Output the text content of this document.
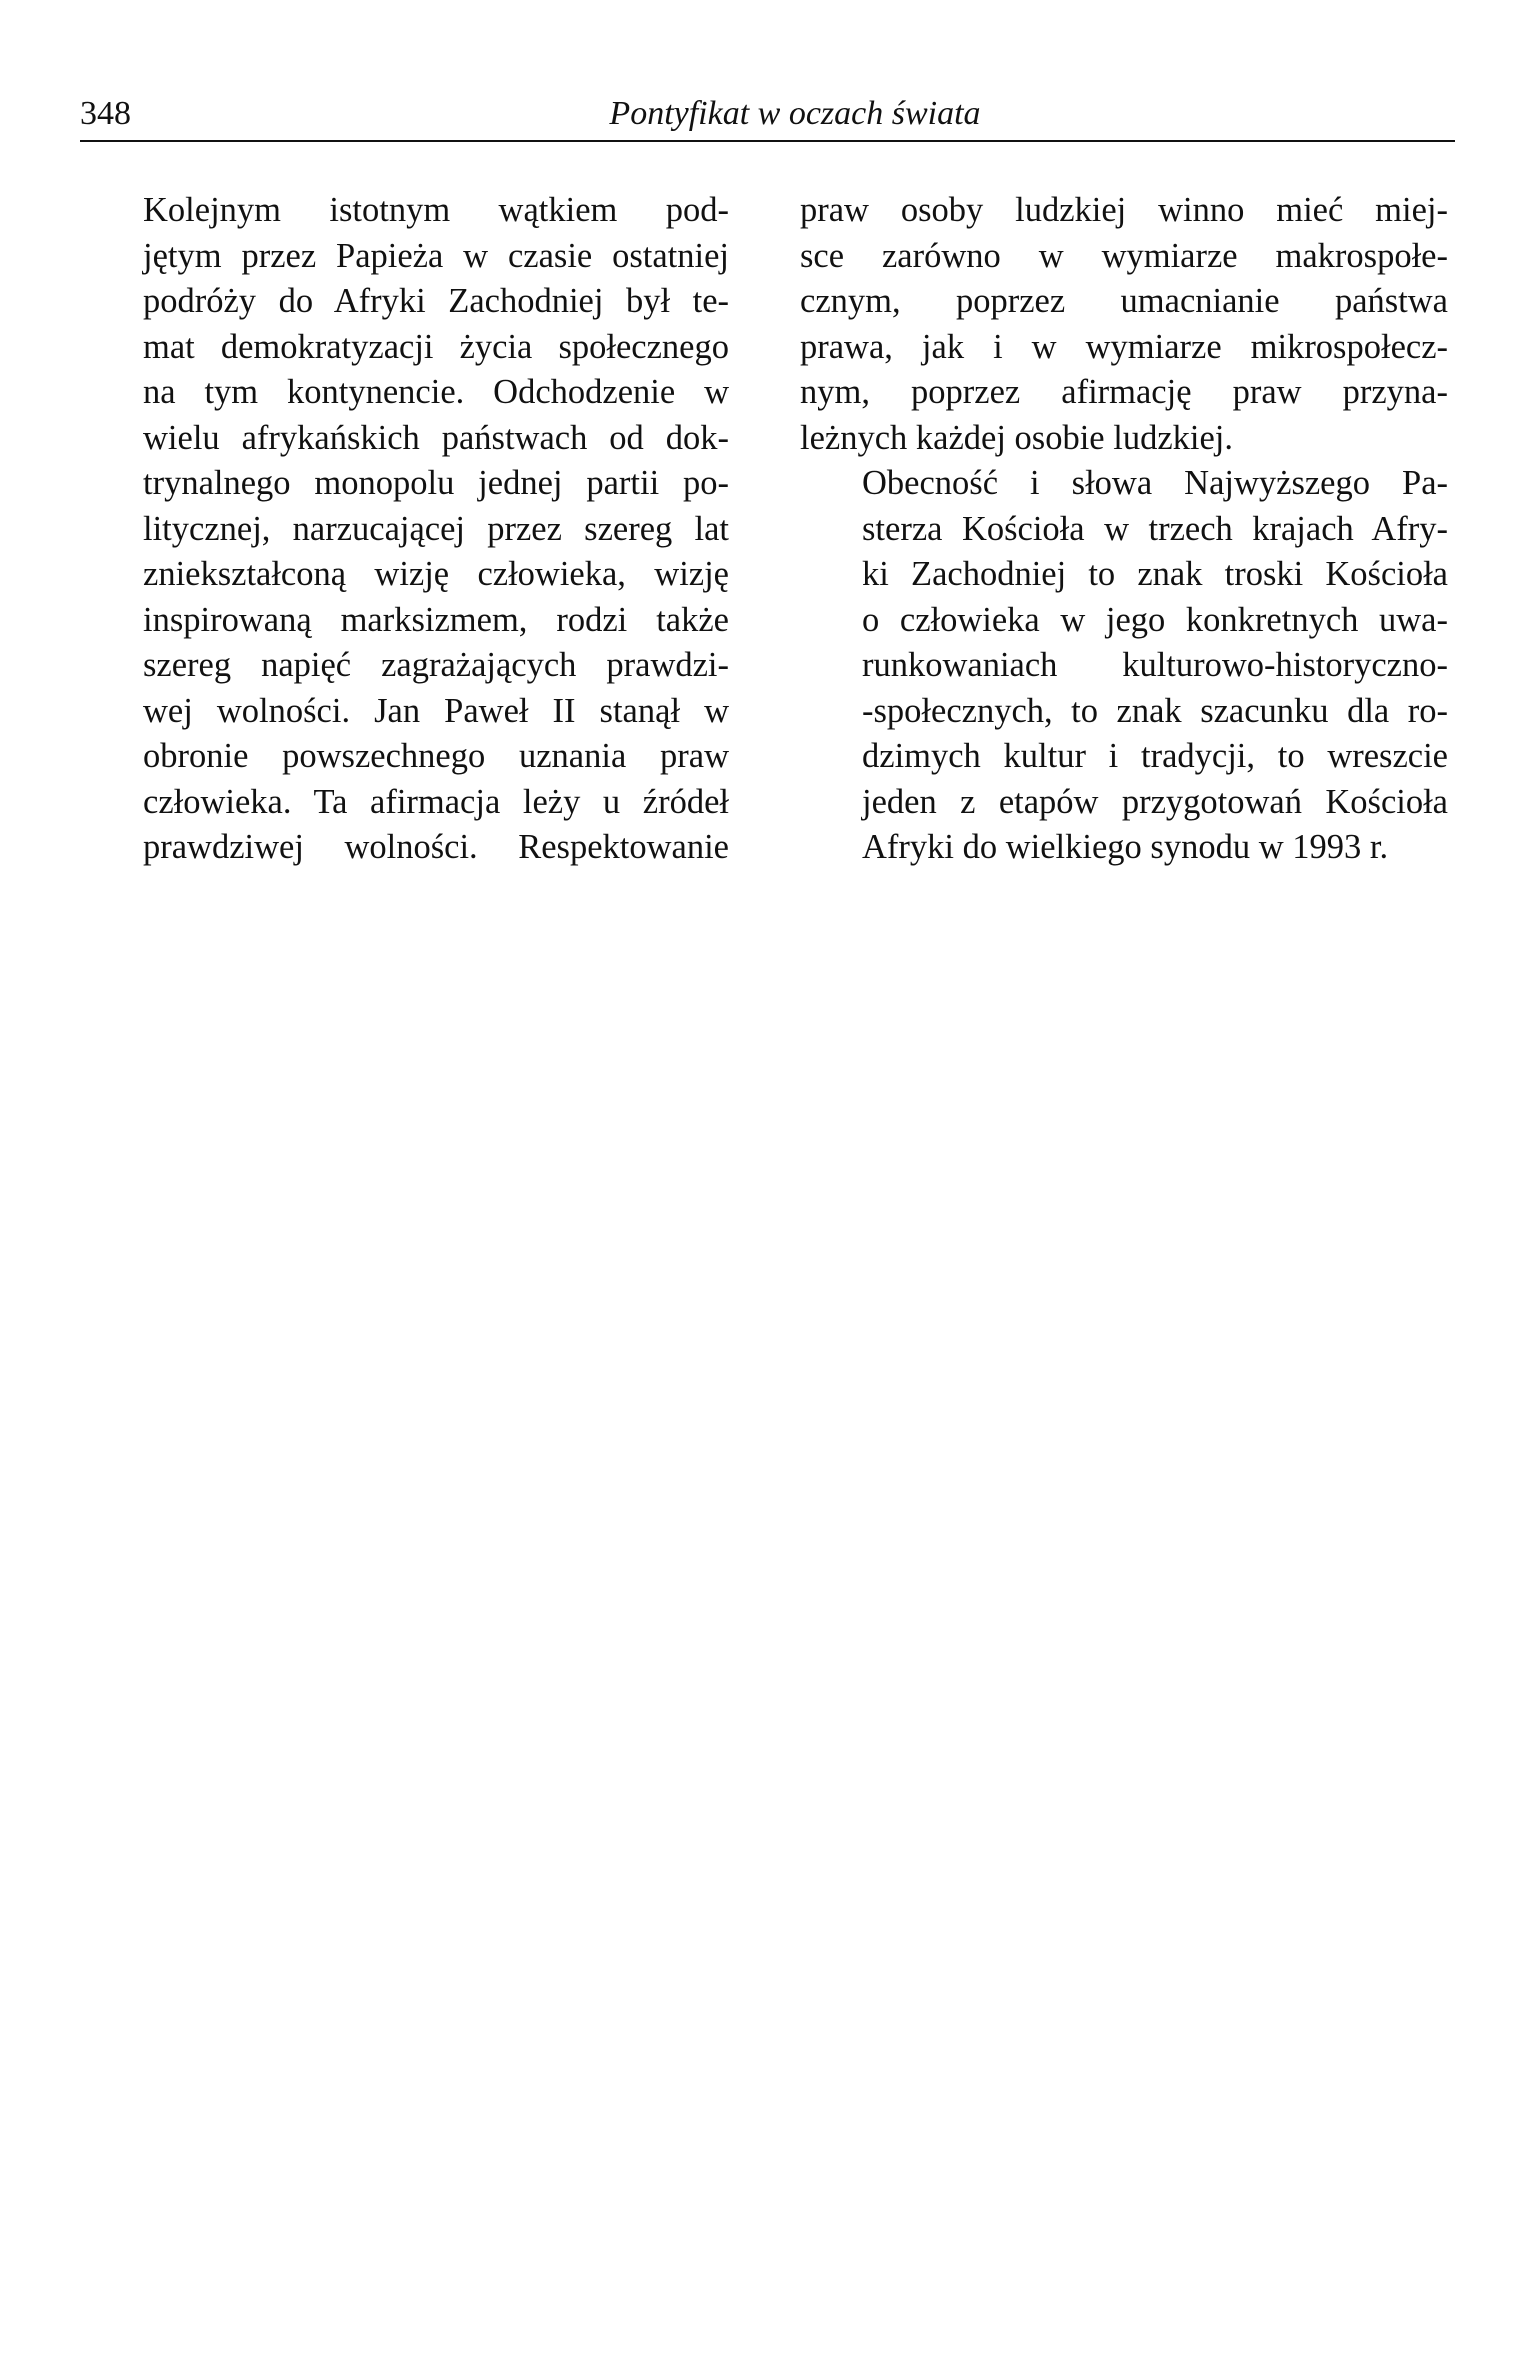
348	Pontyfikat w oczach świata

Kolejnym istotnym wątkiem pod-
jętym przez Papieża w czasie ostatniej
podróży do Afryki Zachodniej był te-
mat demokratyzacji życia społecznego
na tym kontynencie. Odchodzenie w
wielu afrykańskich państwach od dok-
trynalnego monopolu jednej partii po-
litycznej, narzucającej przez szereg lat
zniekształconą wizję człowieka, wizję
inspirowaną marksizmem, rodzi także
szereg napięć zagrażających prawdzi-
wej wolności. Jan Paweł II stanął w
obronie powszechnego uznania praw
człowieka. Ta afirmacja leży u źródeł
prawdziwej wolności. Respektowanie

praw osoby ludzkiej winno mieć miej-
sce zarówno w wymiarze makrospołe-
cznym, poprzez umacnianie państwa
prawa, jak i w wymiarze mikrospołecz-
nym, poprzez afirmację praw przyna-
leżnych każdej osobie ludzkiej.

Obecność i słowa Najwyższego Pa-
sterza Kościoła w trzech krajach Afry-
ki Zachodniej to znak troski Kościoła
o człowieka w jego konkretnych uwa-
runkowaniach kulturowo-historyczno-
-społecznych, to znak szacunku dla ro-
dzimych kultur i tradycji, to wreszcie
jeden z etapów przygotowań Kościoła
Afryki do wielkiego synodu w 1993 r.
